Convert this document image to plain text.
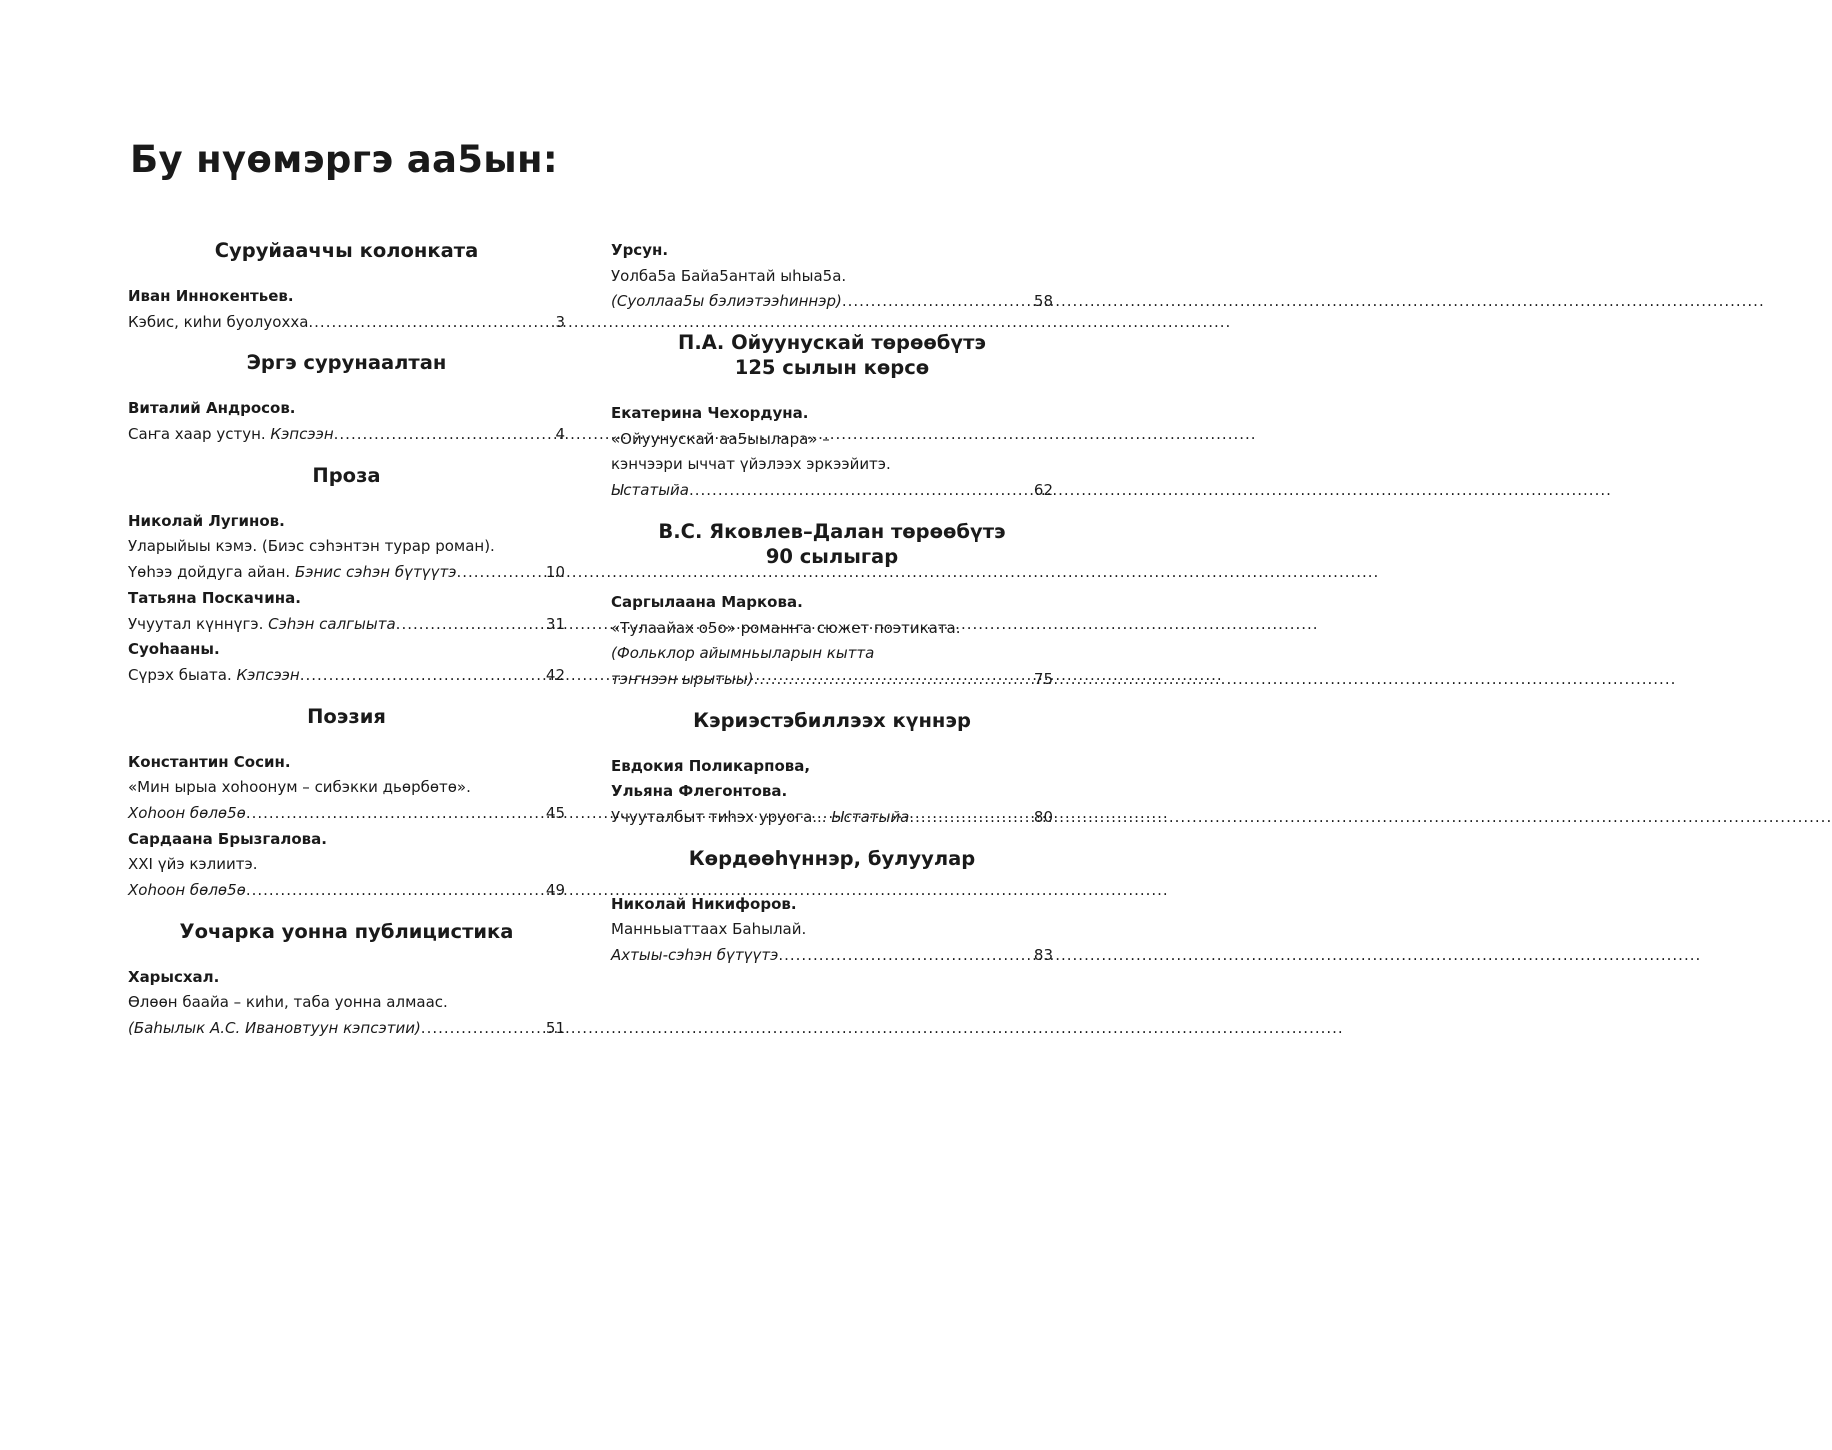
Бу нүөмэргэ аа5ын:
Суруйааччы колонката
Иван Иннокентьев.
Кэбис, киһи буолуохха .....	3
Эргэ сурунаалтан
Виталий Андросов.
Саҥа хаар устун. Кэпсээн .....	4
Проза
Николай Лугинов.
Уларыйыы кэмэ. (Биэс сэһэнтэн турар роман).
Үөһээ дойдуга айан. Бэнис сэһэн бүтүүтэ .....	10
Татьяна Поскачина.
Учуутал күннүгэ. Сэһэн салгыыта .....	31
Суоһааны.
Сүрэх быата. Кэпсээн .....	42
Поэзия
Константин Сосин.
«Мин ырыа хоһоонум – сибэкки дьөрбөтө».
Хоһоон бөлө5ө .....	45
Сардаана Брызгалова.
XXI үйэ кэлиитэ.
Хоһоон бөлө5ө .....	49
Уочарка уонна публицистика
Харысхал.
Өлөөн баайа – киһи, таба уонна алмаас.
(Баһылык А.С. Ивановтуун кэпсэтии) .....	51
Урсун.
Уолба5а Байа5антай ыһыа5а.
(Суоллаа5ы бэлиэтээһиннэр) .....	58
П.А. Ойуунускай төрөөбүтэ
125 сылын көрсө
Екатерина Чехордуна.
«Ойуунускай аа5ыылара» –
кэнчээри ыччат үйэлээх эркээйитэ.
Ыстатыйа .....	62
В.С. Яковлев–Далан төрөөбүтэ
90 сылыгар
Саргылаана Маркова.
«Тулаайах о5о» романҥа сюжет поэтиката.
(Фольклор айымньыларын кытта
тэҥнээн ырытыы) .....	75
Кэриэстэбиллээх күннэр
Евдокия Поликарпова,
Ульяна Флегонтова.
Учууталбыт тиһэх уруога... Ыстатыйа .....	80
Көрдөөһүннэр, булуулар
Николай Никифоров.
Манньыаттаах Баһылай.
Ахтыы-сэһэн бүтүүтэ .....	83
